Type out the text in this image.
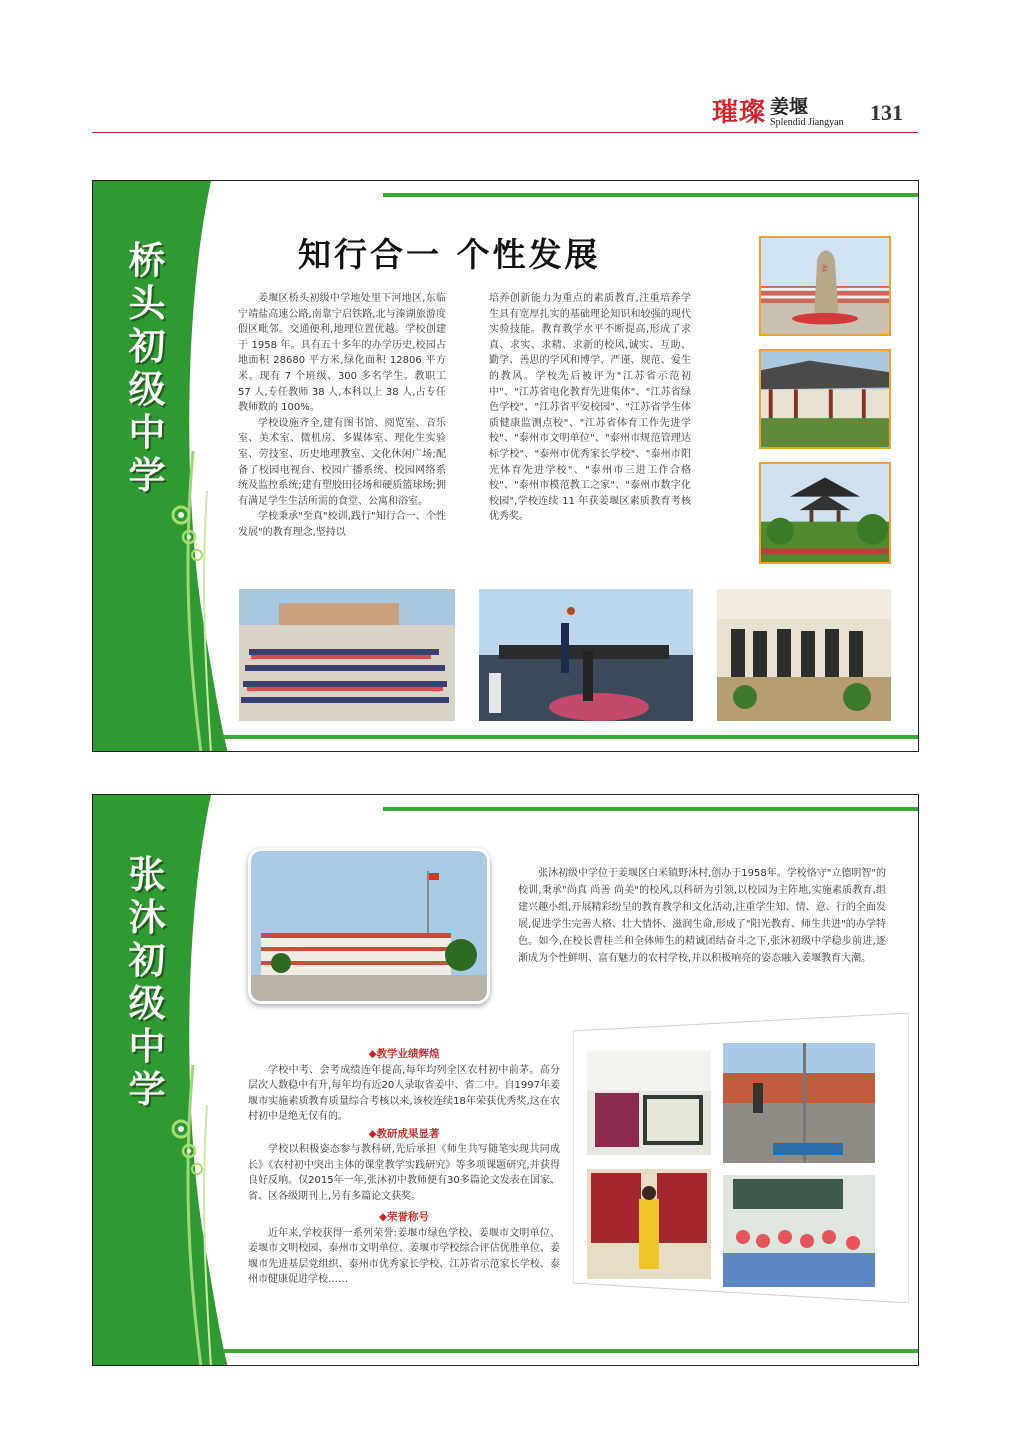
璀璨 姜堰
Splendid Jiangyan 131
桥头初级中学
知行合一 个性发展

姜堰区桥头初级中学地处里下河地区,东临宁靖盐高速公路,南靠宁启铁路,北与溱湖旅游度假区毗邻。交通便利,地理位置优越。学校创建于 1958 年。具有五十多年的办学历史,校园占地面积 28680 平方米,绿化面积 12806 平方米。现有 7 个班级、300 多名学生。教职工 57 人,专任教师 38 人,本科以上 38 人,占专任教师数的 100%。

学校设施齐全,建有图书馆、阅览室、音乐室、美术室、微机房、多媒体室、理化生实验室、劳技室、历史地理教室、文化休闲广场;配备了校园电视台、校园广播系统、校园网络系统及监控系统;建有塑胶田径场和硬质篮球场;拥有满足学生生活所需的食堂、公寓和浴室。

学校秉承"至真"校训,践行"知行合一、个性发展"的教育理念,坚持以

培养创新能力为重点的素质教育,注重培养学生具有宽厚扎实的基础理论知识和较强的现代实验技能。教育教学水平不断提高,形成了求真、求实、求精、求新的校风,诚实、互助、勤学、善思的学风和博学、严谨、规范、爱生的教风。学校先后被评为"江苏省示范初中"、"江苏省电化教育先进集体"、"江苏省绿色学校"、"江苏省平安校园"、"江苏省学生体质健康监测点校"、"江苏省体育工作先进学校"、"泰州市文明单位"、"泰州市规范管理达标学校"、"泰州市优秀家长学校"、"泰州市阳光体育先进学校"、"泰州市三进工作合格校"、"泰州市模范教工之家"、"泰州市数字化校园",学校连续 11 年获姜堰区素质教育考核优秀奖。

姜
张沐初级中学

张沐初级中学位于姜堰区白米镇野沐村,创办于1958年。学校恪守"立德明智"的校训,秉承"尚真 尚善 尚美"的校风,以科研为引领,以校园为主阵地,实施素质教育,组建兴趣小组,开展精彩纷呈的教育教学和文化活动,注重学生知、情、意、行的全面发展,促进学生完善人格、壮大情怀、滋润生命,形成了"阳光教育、师生共进"的办学特色。如今,在校长曹桂兰和全体师生的精诚团结奋斗之下,张沐初级中学稳步前进,逐渐成为个性鲜明、富有魅力的农村学校,并以积极响亮的姿态融入姜堰教育大潮。

◆教学业绩辉煌

学校中考、会考成绩连年提高,每年均列全区农村初中前茅。高分层次人数稳中有升,每年均有近20人录取省姜中、省二中。自1997年姜堰市实施素质教育质量综合考核以来,该校连续18年荣获优秀奖,这在农村初中是绝无仅有的。

◆教研成果显著

学校以积极姿态参与教科研,先后承担《师生共写随笔实现共同成长》《农村初中突出主体的课堂教学实践研究》等多项课题研究,并获得良好反响。仅2015年一年,张沐初中教师便有30多篇论文发表在国家、省、区各级期刊上,另有多篇论文获奖。

◆荣誉称号

近年来,学校获得一系列荣誉:姜堰市绿色学校、姜堰市文明单位、姜堰市文明校园、泰州市文明单位、姜堰市学校综合评估优胜单位、姜堰市先进基层党组织、泰州市优秀家长学校、江苏省示范家长学校、泰州市健康促进学校……
